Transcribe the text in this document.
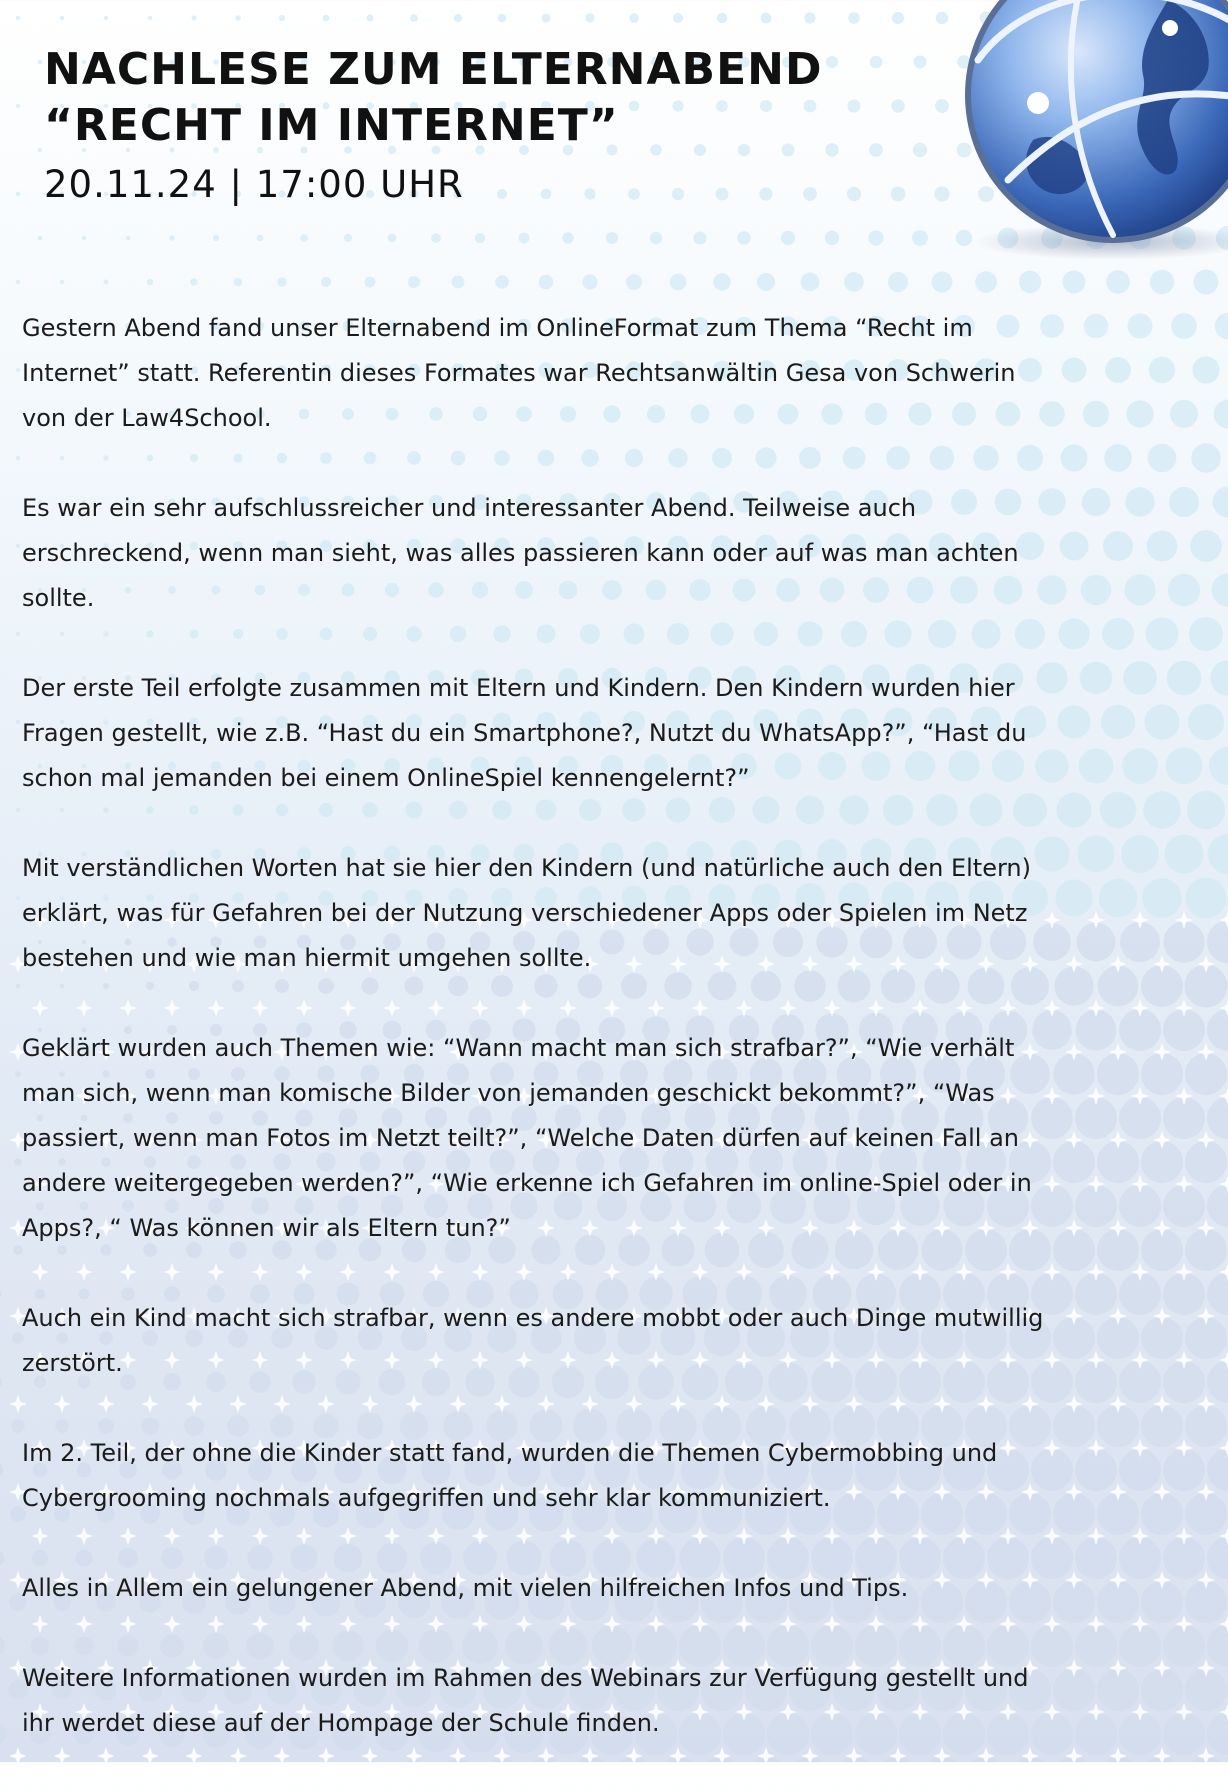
NACHLESE ZUM ELTERNABEND
“RECHT IM INTERNET”

20.11.24 | 17:00 UHR

Gestern Abend fand unser Elternabend im OnlineFormat zum Thema “Recht im
Internet” statt. Referentin dieses Formates war Rechtsanwältin Gesa von Schwerin
von der Law4School.

Es war ein sehr aufschlussreicher und interessanter Abend. Teilweise auch
erschreckend, wenn man sieht, was alles passieren kann oder auf was man achten
sollte.

Der erste Teil erfolgte zusammen mit Eltern und Kindern. Den Kindern wurden hier
Fragen gestellt, wie z.B. “Hast du ein Smartphone?, Nutzt du WhatsApp?”, “Hast du
schon mal jemanden bei einem OnlineSpiel kennengelernt?”

Mit verständlichen Worten hat sie hier den Kindern (und natürliche auch den Eltern)
erklärt, was für Gefahren bei der Nutzung verschiedener Apps oder Spielen im Netz
bestehen und wie man hiermit umgehen sollte.

Geklärt wurden auch Themen wie: “Wann macht man sich strafbar?”, “Wie verhält
man sich, wenn man komische Bilder von jemanden geschickt bekommt?”, “Was
passiert, wenn man Fotos im Netzt teilt?”, “Welche Daten dürfen auf keinen Fall an
andere weitergegeben werden?”, “Wie erkenne ich Gefahren im online-Spiel oder in
Apps?, “ Was können wir als Eltern tun?”

Auch ein Kind macht sich strafbar, wenn es andere mobbt oder auch Dinge mutwillig
zerstört.

Im 2. Teil, der ohne die Kinder statt fand, wurden die Themen Cybermobbing und
Cybergrooming nochmals aufgegriffen und sehr klar kommuniziert.

Alles in Allem ein gelungener Abend, mit vielen hilfreichen Infos und Tips.

Weitere Informationen wurden im Rahmen des Webinars zur Verfügung gestellt und
ihr werdet diese auf der Hompage der Schule finden.
